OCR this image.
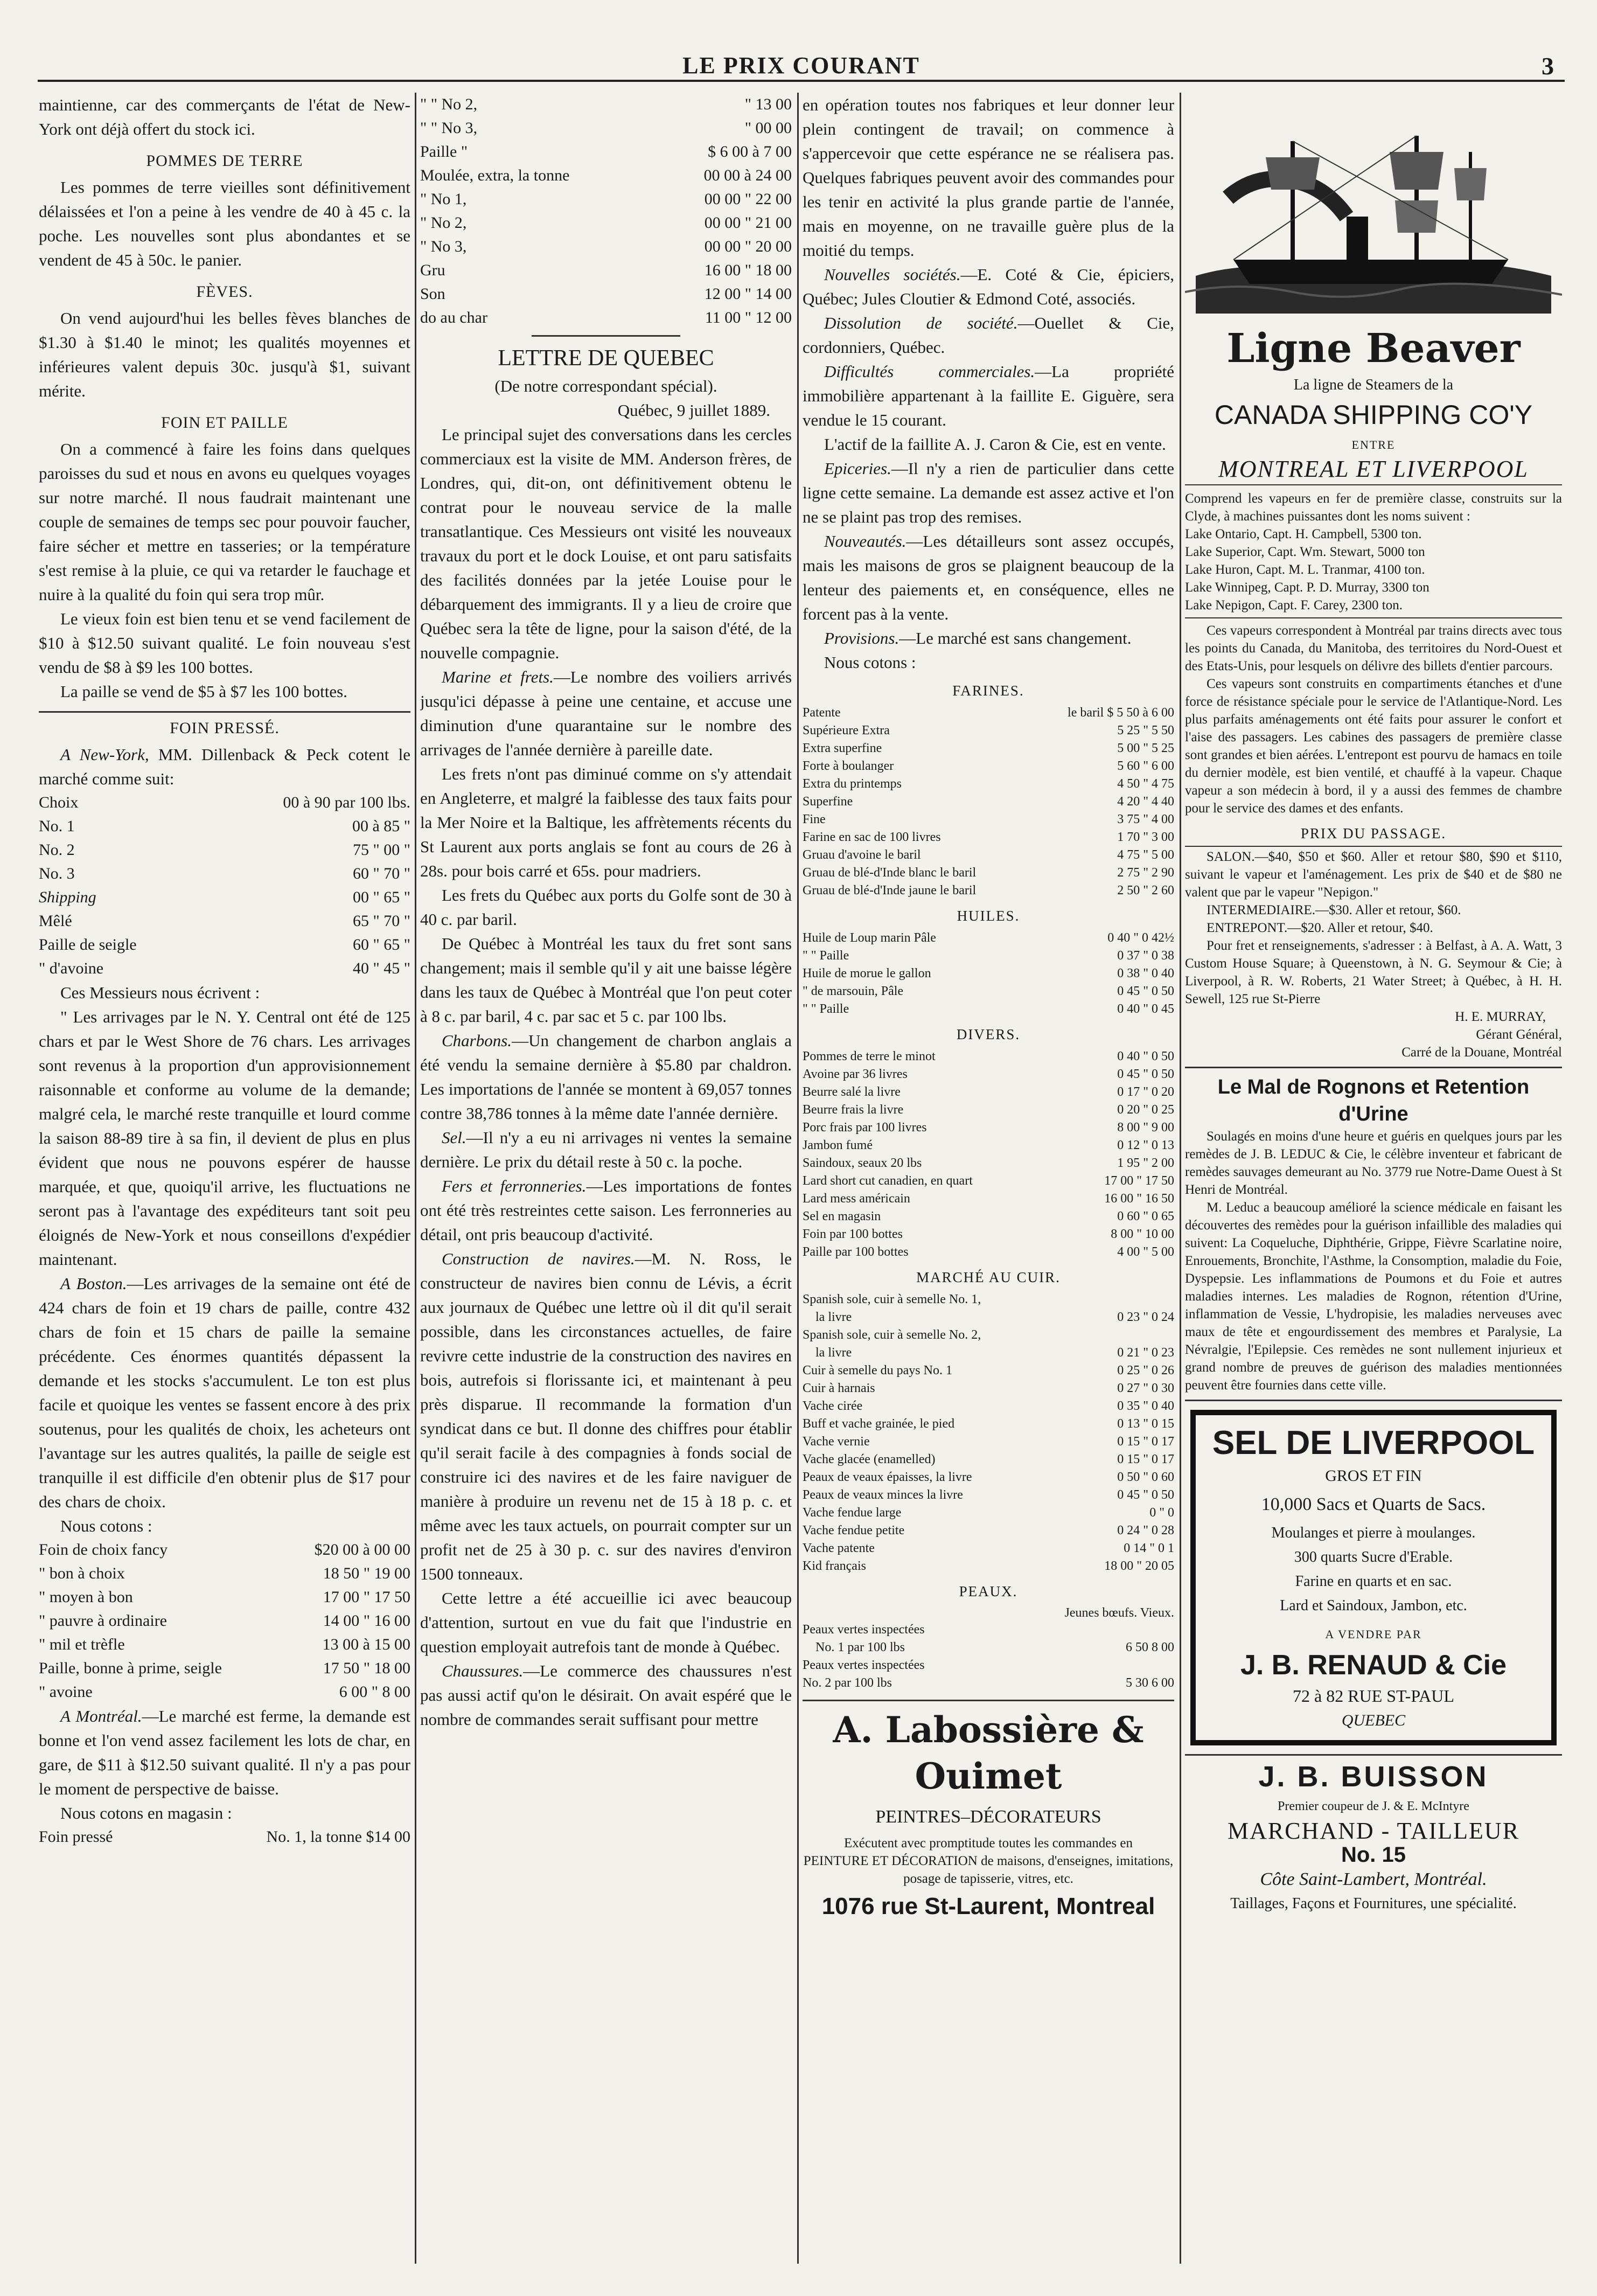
LE PRIX COURANT	3

maintienne, car des commerçants de l'état de New-York ont déjà offert du stock ici.

POMMES DE TERRE

Les pommes de terre vieilles sont définitivement délaissées et l'on a peine à les vendre de 40 à 45 c. la poche. Les nouvelles sont plus abondantes et se vendent de 45 à 50c. le panier.

FÈVES.

On vend aujourd'hui les belles fèves blanches de $1.30 à $1.40 le minot; les qualités moyennes et inférieures valent depuis 30c. jusqu'à $1, suivant mérite.

FOIN ET PAILLE

On a commencé à faire les foins dans quelques paroisses du sud et nous en avons eu quelques voyages sur notre marché. Il nous faudrait maintenant une couple de semaines de temps sec pour pouvoir faucher, faire sécher et mettre en tasseries; or la température s'est remise à la pluie, ce qui va retarder le fauchage et nuire à la qualité du foin qui sera trop mûr.

Le vieux foin est bien tenu et se vend facilement de $10 à $12.50 suivant qualité. Le foin nouveau s'est vendu de $8 à $9 les 100 bottes.

La paille se vend de $5 à $7 les 100 bottes.

FOIN PRESSÉ.

A New-York, MM. Dillenback & Peck cotent le marché comme suit:

Choix	00 à 90 par 100 lbs.
No. 1	00 à 85 "
No. 2	75 " 00 "
No. 3	60 " 70 "
Shipping	00 " 65 "
Mêlé	65 " 70 "
Paille de seigle	60 " 65 "
" d'avoine	40 " 45 "

Ces Messieurs nous écrivent :

" Les arrivages par le N. Y. Central ont été de 125 chars et par le West Shore de 76 chars. Les arrivages sont revenus à la proportion d'un approvisionnement raisonnable et conforme au volume de la demande; malgré cela, le marché reste tranquille et lourd comme la saison 88-89 tire à sa fin, il devient de plus en plus évident que nous ne pouvons espérer de hausse marquée, et que, quoiqu'il arrive, les fluctuations ne seront pas à l'avantage des expéditeurs tant soit peu éloignés de New-York et nous conseillons d'expédier maintenant.

A Boston.—Les arrivages de la semaine ont été de 424 chars de foin et 19 chars de paille, contre 432 chars de foin et 15 chars de paille la semaine précédente. Ces énormes quantités dépassent la demande et les stocks s'accumulent. Le ton est plus facile et quoique les ventes se fassent encore à des prix soutenus, pour les qualités de choix, les acheteurs ont l'avantage sur les autres qualités, la paille de seigle est tranquille il est difficile d'en obtenir plus de $17 pour des chars de choix.

Nous cotons :

Foin de choix fancy	$20 00 à 00 00
" bon à choix	18 50 " 19 00
" moyen à bon	17 00 " 17 50
" pauvre à ordinaire	14 00 " 16 00
" mil et trèfle	13 00 à 15 00
Paille, bonne à prime, seigle	17 50 " 18 00
" avoine	6 00 " 8 00

A Montréal.—Le marché est ferme, la demande est bonne et l'on vend assez facilement les lots de char, en gare, de $11 à $12.50 suivant qualité. Il n'y a pas pour le moment de perspective de baisse.

Nous cotons en magasin :

Foin pressé	No. 1, la tonne $14 00
" " No 2,	" 13 00
" " No 3,	" 00 00
Paille "	$ 6 00 à 7 00
Moulée, extra, la tonne	00 00 à 24 00
" No 1,	00 00 " 22 00
" No 2,	00 00 " 21 00
" No 3,	00 00 " 20 00
Gru	16 00 " 18 00
Son	12 00 " 14 00
do au char	11 00 " 12 00
LETTRE DE QUEBEC
(De notre correspondant spécial).
Québec, 9 juillet 1889.

Le principal sujet des conversations dans les cercles commerciaux est la visite de MM. Anderson frères, de Londres, qui, dit-on, ont définitivement obtenu le contrat pour le nouveau service de la malle transatlantique. Ces Messieurs ont visité les nouveaux travaux du port et le dock Louise, et ont paru satisfaits des facilités données par la jetée Louise pour le débarquement des immigrants. Il y a lieu de croire que Québec sera la tête de ligne, pour la saison d'été, de la nouvelle compagnie.

Marine et frets.—Le nombre des voiliers arrivés jusqu'ici dépasse à peine une centaine, et accuse une diminution d'une quarantaine sur le nombre des arrivages de l'année dernière à pareille date.

Les frets n'ont pas diminué comme on s'y attendait en Angleterre, et malgré la faiblesse des taux faits pour la Mer Noire et la Baltique, les affrètements récents du St Laurent aux ports anglais se font au cours de 26 à 28s. pour bois carré et 65s. pour madriers.

Les frets du Québec aux ports du Golfe sont de 30 à 40 c. par baril.

De Québec à Montréal les taux du fret sont sans changement; mais il semble qu'il y ait une baisse légère dans les taux de Québec à Montréal que l'on peut coter à 8 c. par baril, 4 c. par sac et 5 c. par 100 lbs.

Charbons.—Un changement de charbon anglais a été vendu la semaine dernière à $5.80 par chaldron. Les importations de l'année se montent à 69,057 tonnes contre 38,786 tonnes à la même date l'année dernière.

Sel.—Il n'y a eu ni arrivages ni ventes la semaine dernière. Le prix du détail reste à 50 c. la poche.

Fers et ferronneries.—Les importations de fontes ont été très restreintes cette saison. Les ferronneries au détail, ont pris beaucoup d'activité.

Construction de navires.—M. N. Ross, le constructeur de navires bien connu de Lévis, a écrit aux journaux de Québec une lettre où il dit qu'il serait possible, dans les circonstances actuelles, de faire revivre cette industrie de la construction des navires en bois, autrefois si florissante ici, et maintenant à peu près disparue. Il recommande la formation d'un syndicat dans ce but. Il donne des chiffres pour établir qu'il serait facile à des compagnies à fonds social de construire ici des navires et de les faire naviguer de manière à produire un revenu net de 15 à 18 p. c. et même avec les taux actuels, on pourrait compter sur un profit net de 25 à 30 p. c. sur des navires d'environ 1500 tonneaux.

Cette lettre a été accueillie ici avec beaucoup d'attention, surtout en vue du fait que l'industrie en question employait autrefois tant de monde à Québec.

Chaussures.—Le commerce des chaussures n'est pas aussi actif qu'on le désirait. On avait espéré que le nombre de commandes serait suffisant pour mettre

en opération toutes nos fabriques et leur donner leur plein contingent de travail; on commence à s'appercevoir que cette espérance ne se réalisera pas. Quelques fabriques peuvent avoir des commandes pour les tenir en activité la plus grande partie de l'année, mais en moyenne, on ne travaille guère plus de la moitié du temps.

Nouvelles sociétés.—E. Coté & Cie, épiciers, Québec; Jules Cloutier & Edmond Coté, associés.

Dissolution de société.—Ouellet & Cie, cordonniers, Québec.

Difficultés commerciales.—La propriété immobilière appartenant à la faillite E. Giguère, sera vendue le 15 courant.

L'actif de la faillite A. J. Caron & Cie, est en vente.

Epiceries.—Il n'y a rien de particulier dans cette ligne cette semaine. La demande est assez active et l'on ne se plaint pas trop des remises.

Nouveautés.—Les détailleurs sont assez occupés, mais les maisons de gros se plaignent beaucoup de la lenteur des paiements et, en conséquence, elles ne forcent pas à la vente.

Provisions.—Le marché est sans changement.

Nous cotons :

FARINES.
Patente	le baril $ 5 50 à 6 00
Supérieure Extra	5 25 " 5 50
Extra superfine	5 00 " 5 25
Forte à boulanger	5 60 " 6 00
Extra du printemps	4 50 " 4 75
Superfine	4 20 " 4 40
Fine	3 75 " 4 00
Farine en sac de 100 livres	1 70 " 3 00
Gruau d'avoine le baril	4 75 " 5 00
Gruau de blé-d'Inde blanc le baril	2 75 " 2 90
Gruau de blé-d'Inde jaune le baril	2 50 " 2 60
HUILES.
Huile de Loup marin Pâle	0 40 " 0 42½
" " Paille	0 37 " 0 38
Huile de morue le gallon	0 38 " 0 40
" de marsouin, Pâle	0 45 " 0 50
" " Paille	0 40 " 0 45
DIVERS.
Pommes de terre le minot	0 40 " 0 50
Avoine par 36 livres	0 45 " 0 50
Beurre salé la livre	0 17 " 0 20
Beurre frais la livre	0 20 " 0 25
Porc frais par 100 livres	8 00 " 9 00
Jambon fumé	0 12 " 0 13
Saindoux, seaux 20 lbs	1 95 " 2 00
Lard short cut canadien, en quart	17 00 " 17 50
Lard mess américain	16 00 " 16 50
Sel en magasin	0 60 " 0 65
Foin par 100 bottes	8 00 " 10 00
Paille par 100 bottes	4 00 " 5 00
MARCHÉ AU CUIR.
Spanish sole, cuir à semelle No. 1,	
la livre	0 23 " 0 24
Spanish sole, cuir à semelle No. 2,	
la livre	0 21 " 0 23
Cuir à semelle du pays No. 1	0 25 " 0 26
Cuir à harnais	0 27 " 0 30
Vache cirée	0 35 " 0 40
Buff et vache grainée, le pied	0 13 " 0 15
Vache vernie	0 15 " 0 17
Vache glacée (enamelled)	0 15 " 0 17
Peaux de veaux épaisses, la livre	0 50 " 0 60
Peaux de veaux minces la livre	0 45 " 0 50
Vache fendue large	0 " 0
Vache fendue petite	0 24 " 0 28
Vache patente	0 14 " 0 1
Kid français	18 00 " 20 05
PEAUX.
Jeunes bœufs. Vieux.
Peaux vertes inspectées	
No. 1 par 100 lbs	6 50 8 00
Peaux vertes inspectées	
No. 2 par 100 lbs	5 30 6 00
A. Labossière & Ouimet
PEINTRES–DÉCORATEURS
Exécutent avec promptitude toutes les commandes en
PEINTURE ET DÉCORATION de maisons, d'enseignes, imitations, posage de tapisserie, vitres, etc.
1076 rue St-Laurent, Montreal
Ligne Beaver
La ligne de Steamers de la
CANADA SHIPPING CO'Y
ENTRE
MONTREAL ET LIVERPOOL

Comprend les vapeurs en fer de première classe, construits sur la Clyde, à machines puissantes dont les noms suivent :

Lake Ontario, Capt. H. Campbell, 5300 ton.
Lake Superior, Capt. Wm. Stewart, 5000 ton
Lake Huron, Capt. M. L. Tranmar, 4100 ton.
Lake Winnipeg, Capt. P. D. Murray, 3300 ton
Lake Nepigon, Capt. F. Carey, 2300 ton.

Ces vapeurs correspondent à Montréal par trains directs avec tous les points du Canada, du Manitoba, des territoires du Nord-Ouest et des Etats-Unis, pour lesquels on délivre des billets d'entier parcours.

Ces vapeurs sont construits en compartiments étanches et d'une force de résistance spéciale pour le service de l'Atlantique-Nord. Les plus parfaits aménagements ont été faits pour assurer le confort et l'aise des passagers. Les cabines des passagers de première classe sont grandes et bien aérées. L'entrepont est pourvu de hamacs en toile du dernier modèle, est bien ventilé, et chauffé à la vapeur. Chaque vapeur a son médecin à bord, il y a aussi des femmes de chambre pour le service des dames et des enfants.

PRIX DU PASSAGE.

SALON.—$40, $50 et $60. Aller et retour $80, $90 et $110, suivant le vapeur et l'aménagement. Les prix de $40 et de $80 ne valent que par le vapeur "Nepigon."

INTERMEDIAIRE.—$30. Aller et retour, $60.

ENTREPONT.—$20. Aller et retour, $40.

Pour fret et renseignements, s'adresser : à Belfast, à A. A. Watt, 3 Custom House Square; à Queenstown, à N. G. Seymour & Cie; à Liverpool, à R. W. Roberts, 21 Water Street; à Québec, à H. H. Sewell, 125 rue St-Pierre

H. E. MURRAY,
Gérant Général,
Carré de la Douane, Montréal
Le Mal de Rognons et Retention d'Urine

Soulagés en moins d'une heure et guéris en quelques jours par les remèdes de J. B. LEDUC & Cie, le célèbre inventeur et fabricant de remèdes sauvages demeurant au No. 3779 rue Notre-Dame Ouest à St Henri de Montréal.

M. Leduc a beaucoup amélioré la science médicale en faisant les découvertes des remèdes pour la guérison infaillible des maladies qui suivent: La Coqueluche, Diphthérie, Grippe, Fièvre Scarlatine noire, Enrouements, Bronchite, l'Asthme, la Consomption, maladie du Foie, Dyspepsie. Les inflammations de Poumons et du Foie et autres maladies internes. Les maladies de Rognon, rétention d'Urine, inflammation de Vessie, L'hydropisie, les maladies nerveuses avec maux de tête et engourdissement des membres et Paralysie, La Névralgie, l'Epilepsie. Ces remèdes ne sont nullement injurieux et grand nombre de preuves de guérison des maladies mentionnées peuvent être fournies dans cette ville.

SEL DE LIVERPOOL
GROS ET FIN
10,000 Sacs et Quarts de Sacs.
Moulanges et pierre à moulanges.
300 quarts Sucre d'Erable.
Farine en quarts et en sac.
Lard et Saindoux, Jambon, etc.
A VENDRE PAR
J. B. RENAUD & Cie
72 à 82 RUE ST-PAUL
QUEBEC
J. B. BUISSON
Premier coupeur de J. & E. McIntyre
MARCHAND - TAILLEUR
No. 15
Côte Saint-Lambert, Montréal.
Taillages, Façons et Fournitures, une spécialité.
